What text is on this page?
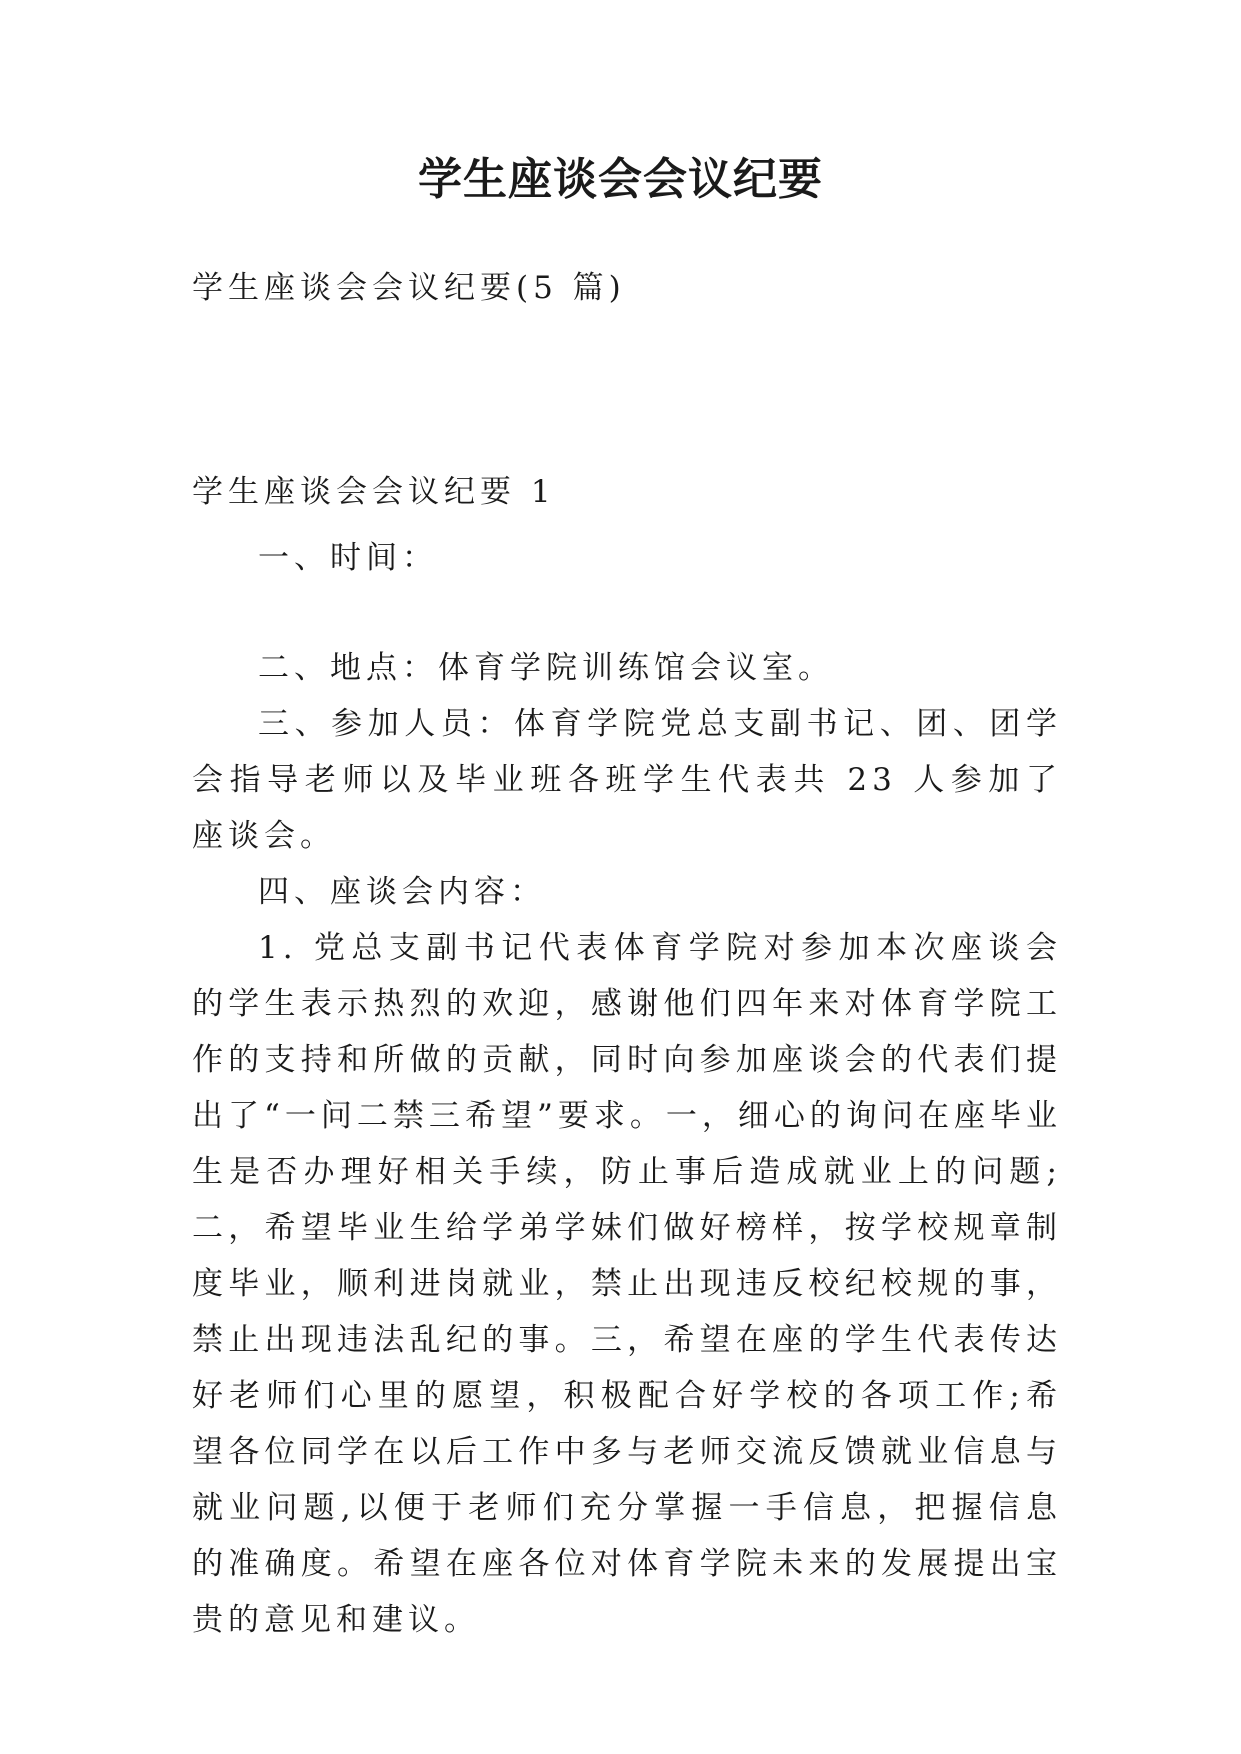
学生座谈会会议纪要
学生座谈会会议纪要(5 篇)
学生座谈会会议纪要 1

一、时间：

二、地点：体育学院训练馆会议室。

三、参加人员：体育学院党总支副书记、团、团学会指导老师以及毕业班各班学生代表共 23 人参加了座谈会。

四、座谈会内容：

1. 党总支副书记代表体育学院对参加本次座谈会的学生表示热烈的欢迎，感谢他们四年来对体育学院工作的支持和所做的贡献，同时向参加座谈会的代表们提出了“一问二禁三希望”要求。一，细心的询问在座毕业生是否办理好相关手续，防止事后造成就业上的问题;二，希望毕业生给学弟学妹们做好榜样，按学校规章制度毕业，顺利进岗就业，禁止出现违反校纪校规的事，禁止出现违法乱纪的事。三，希望在座的学生代表传达好老师们心里的愿望，积极配合好学校的各项工作;希望各位同学在以后工作中多与老师交流反馈就业信息与就业问题,以便于老师们充分掌握一手信息，把握信息的准确度。希望在座各位对体育学院未来的发展提出宝贵的意见和建议。
